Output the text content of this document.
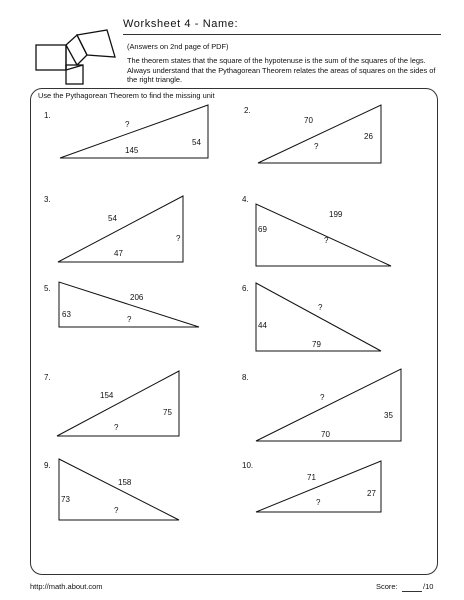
Worksheet 4 - Name:
(Answers on 2nd page of PDF)
The theorem states that the square of the hypotenuse is the sum of the squares of the legs. Always understand that the Pythagorean Theorem relates the areas of squares on the sides of the right triangle.
Use the Pythagorean Theorem to find the missing unit
1.
?
145
54
2.
70
26
?
3.
54
?
47
4.
199
69
?
5.
206
63
?
6.
?
44
79
7.
154
75
?
8.
?
35
70
9.
158
73
?
10.
71
27
?
http://math.about.com	Score:	/10
